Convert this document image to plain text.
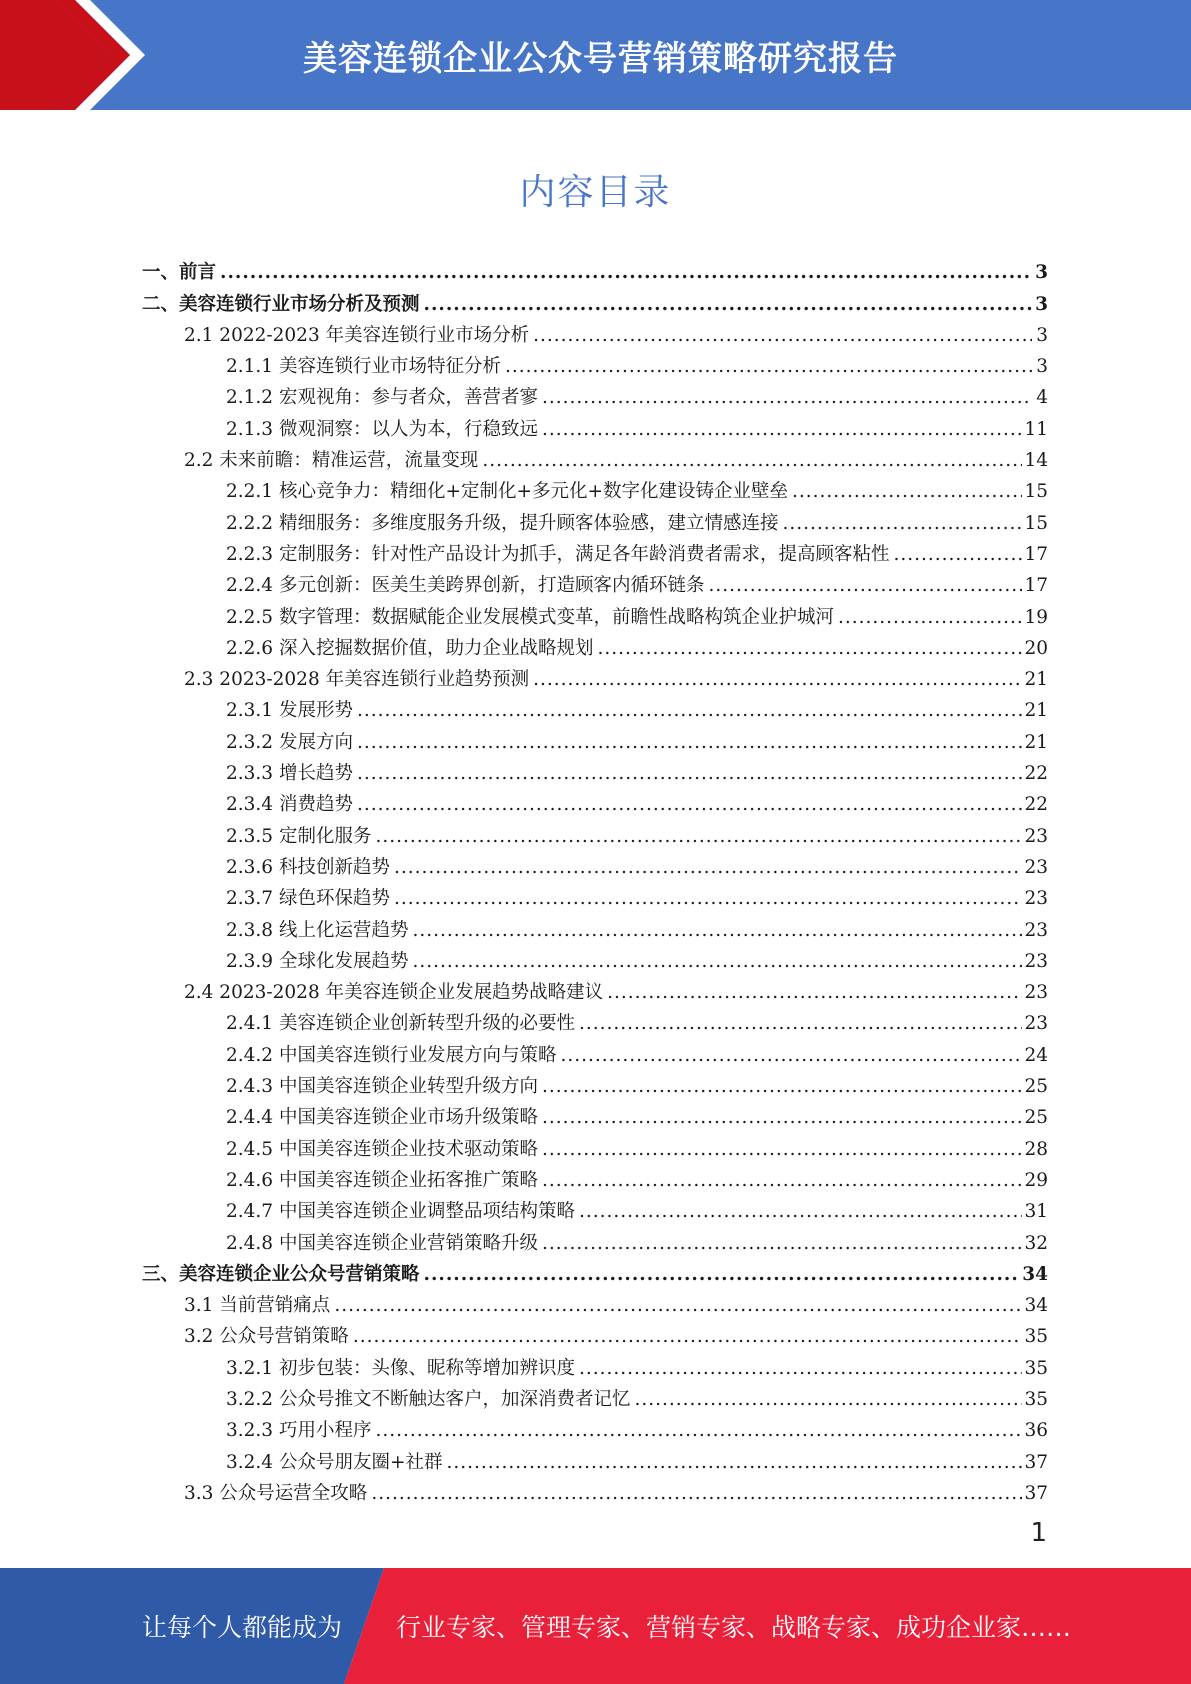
美容连锁企业公众号营销策略研究报告
内容目录
一、前言 .....	3
二、美容连锁行业市场分析及预测 .....	3
2.1 2022-2023 年美容连锁行业市场分析 .....	3
2.1.1 美容连锁行业市场特征分析 .....	3
2.1.2 宏观视角：参与者众，善营者寥 .....	4
2.1.3 微观洞察：以人为本，行稳致远 .....	11
2.2 未来前瞻：精准运营，流量变现 .....	14
2.2.1 核心竞争力：精细化+定制化+多元化+数字化建设铸企业壁垒 .....	15
2.2.2 精细服务：多维度服务升级，提升顾客体验感，建立情感连接 .....	15
2.2.3 定制服务：针对性产品设计为抓手，满足各年龄消费者需求，提高顾客粘性 .....	17
2.2.4 多元创新：医美生美跨界创新，打造顾客内循环链条 .....	17
2.2.5 数字管理：数据赋能企业发展模式变革，前瞻性战略构筑企业护城河 .....	19
2.2.6 深入挖掘数据价值，助力企业战略规划 .....	20
2.3 2023-2028 年美容连锁行业趋势预测 .....	21
2.3.1 发展形势 .....	21
2.3.2 发展方向 .....	21
2.3.3 增长趋势 .....	22
2.3.4 消费趋势 .....	22
2.3.5 定制化服务 .....	23
2.3.6 科技创新趋势 .....	23
2.3.7 绿色环保趋势 .....	23
2.3.8 线上化运营趋势 .....	23
2.3.9 全球化发展趋势 .....	23
2.4 2023-2028 年美容连锁企业发展趋势战略建议 .....	23
2.4.1 美容连锁企业创新转型升级的必要性 .....	23
2.4.2 中国美容连锁行业发展方向与策略 .....	24
2.4.3 中国美容连锁企业转型升级方向 .....	25
2.4.4 中国美容连锁企业市场升级策略 .....	25
2.4.5 中国美容连锁企业技术驱动策略 .....	28
2.4.6 中国美容连锁企业拓客推广策略 .....	29
2.4.7 中国美容连锁企业调整品项结构策略 .....	31
2.4.8 中国美容连锁企业营销策略升级 .....	32
三、美容连锁企业公众号营销策略 .....	34
3.1 当前营销痛点 .....	34
3.2 公众号营销策略 .....	35
3.2.1 初步包装：头像、昵称等增加辨识度 .....	35
3.2.2 公众号推文不断触达客户，加深消费者记忆 .....	35
3.2.3 巧用小程序 .....	36
3.2.4 公众号朋友圈+社群 .....	37
3.3 公众号运营全攻略 .....	37
1
让每个人都能成为 行业专家、管理专家、营销专家、战略专家、成功企业家……
